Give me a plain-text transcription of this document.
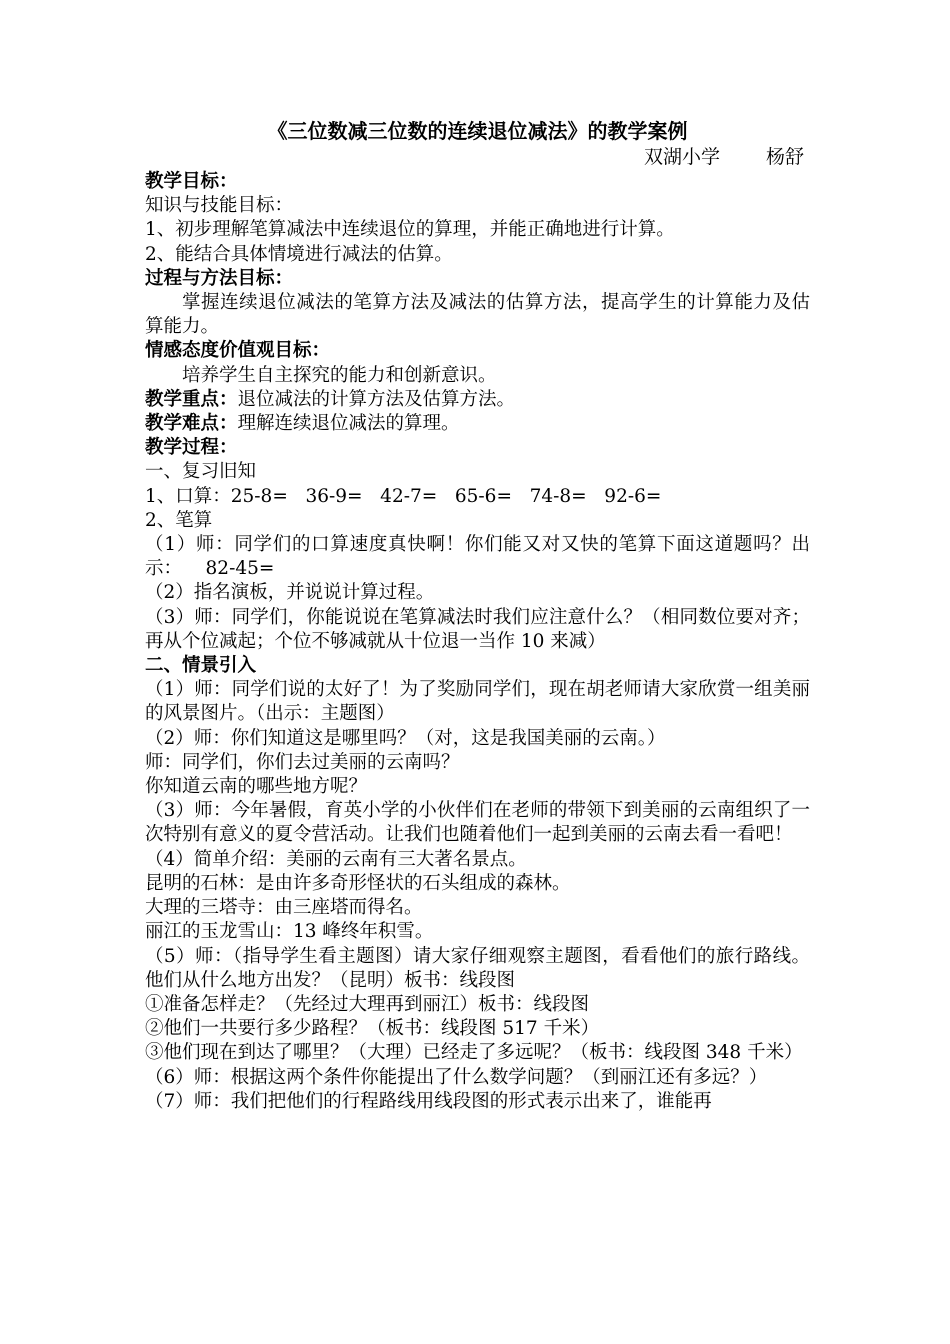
《三位数减三位数的连续退位减法》的教学案例

双湖小学 杨舒

教学目标：

知识与技能目标：

1、初步理解笔算减法中连续退位的算理，并能正确地进行计算。

2、能结合具体情境进行减法的估算。

过程与方法目标：

掌握连续退位减法的笔算方法及减法的估算方法，提高学生的计算能力及估算能力。

情感态度价值观目标：

培养学生自主探究的能力和创新意识。

教学重点：退位减法的计算方法及估算方法。

教学难点：理解连续退位减法的算理。

教学过程：

一、复习旧知

1、口算：25-8=   36-9=   42-7=   65-6=   74-8=   92-6=

2、笔算

（1）师：同学们的口算速度真快啊！你们能又对又快的笔算下面这道题吗？出示：    82-45=

（2）指名演板，并说说计算过程。

（3）师：同学们，你能说说在笔算减法时我们应注意什么？（相同数位要对齐；再从个位减起；个位不够减就从十位退一当作 10 来减）

二、情景引入

（1）师：同学们说的太好了！为了奖励同学们，现在胡老师请大家欣赏一组美丽的风景图片。（出示：主题图）

（2）师：你们知道这是哪里吗？（对，这是我国美丽的云南。）

师：同学们，你们去过美丽的云南吗？

你知道云南的哪些地方呢？

（3）师：今年暑假，育英小学的小伙伴们在老师的带领下到美丽的云南组织了一次特别有意义的夏令营活动。让我们也随着他们一起到美丽的云南去看一看吧！

（4）简单介绍：美丽的云南有三大著名景点。

昆明的石林：是由许多奇形怪状的石头组成的森林。

大理的三塔寺：由三座塔而得名。

丽江的玉龙雪山：13 峰终年积雪。

（5）师：（指导学生看主题图）请大家仔细观察主题图，看看他们的旅行路线。他们从什么地方出发？（昆明）板书：线段图

①准备怎样走？（先经过大理再到丽江）板书：线段图

②他们一共要行多少路程？（板书：线段图 517 千米）

③他们现在到达了哪里？（大理）已经走了多远呢？（板书：线段图 348 千米）

（6）师：根据这两个条件你能提出了什么数学问题？（到丽江还有多远？）

（7）师：我们把他们的行程路线用线段图的形式表示出来了，谁能再
